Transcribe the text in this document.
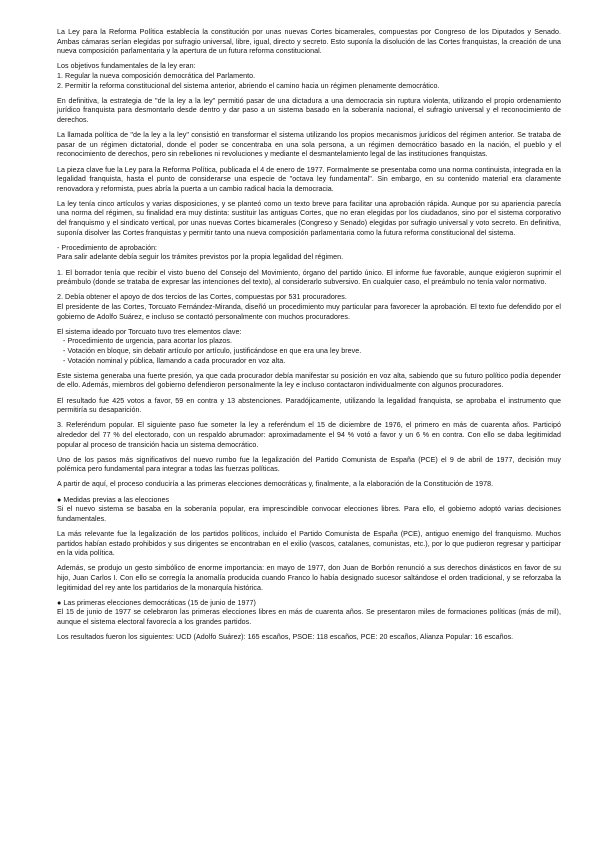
La Ley para la Reforma Política establecía la constitución por unas nuevas Cortes bicamerales, compuestas por Congreso de los Diputados y Senado. Ambas cámaras serían elegidas por sufragio universal, libre, igual, directo y secreto. Esto suponía la disolución de las Cortes franquistas, la creación de una nueva composición parlamentaria y la apertura de un futura reforma constitucional.

Los objetivos fundamentales de la ley eran:

1. Regular la nueva composición democrática del Parlamento.
2. Permitir la reforma constitucional del sistema anterior, abriendo el camino hacia un régimen plenamente democrático.

En definitiva, la estrategia de "de la ley a la ley" permitió pasar de una dictadura a una democracia sin ruptura violenta, utilizando el propio ordenamiento jurídico franquista para desmontarlo desde dentro y dar paso a un sistema basado en la soberanía nacional, el sufragio universal y el reconocimiento de derechos.

La llamada política de "de la ley a la ley" consistió en transformar el sistema utilizando los propios mecanismos jurídicos del régimen anterior. Se trataba de pasar de un régimen dictatorial, donde el poder se concentraba en una sola persona, a un régimen democrático basado en la nación, el pueblo y el reconocimiento de derechos, pero sin rebeliones ni revoluciones y mediante el desmantelamiento legal de las instituciones franquistas.

La pieza clave fue la Ley para la Reforma Política, publicada el 4 de enero de 1977. Formalmente se presentaba como una norma continuista, integrada en la legalidad franquista, hasta el punto de considerarse una especie de "octava ley fundamental". Sin embargo, en su contenido material era claramente renovadora y reformista, pues abría la puerta a un cambio radical hacia la democracia.

La ley tenía cinco artículos y varias disposiciones, y se planteó como un texto breve para facilitar una aprobación rápida. Aunque por su apariencia parecía una norma del régimen, su finalidad era muy distinta: sustituir las antiguas Cortes, que no eran elegidas por los ciudadanos, sino por el sistema corporativo del franquismo y el sindicato vertical, por unas nuevas Cortes bicamerales (Congreso y Senado) elegidas por sufragio universal y voto secreto. En definitiva, suponía disolver las Cortes franquistas y permitir tanto una nueva composición parlamentaria como la futura reforma constitucional del sistema.

- Procedimiento de aprobación:

Para salir adelante debía seguir los trámites previstos por la propia legalidad del régimen.

1. El borrador tenía que recibir el visto bueno del Consejo del Movimiento, órgano del partido único. El informe fue favorable, aunque exigieron suprimir el preámbulo (donde se trataba de expresar las intenciones del texto), al considerarlo subversivo. En cualquier caso, el preámbulo no tenía valor normativo.

2. Debía obtener el apoyo de dos tercios de las Cortes, compuestas por 531 procuradores.
El presidente de las Cortes, Torcuato Fernández-Miranda, diseñó un procedimiento muy particular para favorecer la aprobación. El texto fue defendido por el gobierno de Adolfo Suárez, e incluso se contactó personalmente con muchos procuradores.

El sistema ideado por Torcuato tuvo tres elementos clave:

- Procedimiento de urgencia, para acortar los plazos.
- Votación en bloque, sin debatir artículo por artículo, justificándose en que era una ley breve.
- Votación nominal y pública, llamando a cada procurador en voz alta.

Este sistema generaba una fuerte presión, ya que cada procurador debía manifestar su posición en voz alta, sabiendo que su futuro político podía depender de ello. Además, miembros del gobierno defendieron personalmente la ley e incluso contactaron individualmente con algunos procuradores.

El resultado fue 425 votos a favor, 59 en contra y 13 abstenciones. Paradójicamente, utilizando la legalidad franquista, se aprobaba el instrumento que permitiría su desaparición.

3. Referéndum popular. El siguiente paso fue someter la ley a referéndum el 15 de diciembre de 1976, el primero en más de cuarenta años. Participó alrededor del 77 % del electorado, con un respaldo abrumador: aproximadamente el 94 % votó a favor y un 6 % en contra. Con ello se daba legitimidad popular al proceso de transición hacia un sistema democrático.

Uno de los pasos más significativos del nuevo rumbo fue la legalización del Partido Comunista de España (PCE) el 9 de abril de 1977, decisión muy polémica pero fundamental para integrar a todas las fuerzas políticas.

A partir de aquí, el proceso conduciría a las primeras elecciones democráticas y, finalmente, a la elaboración de la Constitución de 1978.

● Medidas previas a las elecciones

Si el nuevo sistema se basaba en la soberanía popular, era imprescindible convocar elecciones libres. Para ello, el gobierno adoptó varias decisiones fundamentales.

La más relevante fue la legalización de los partidos políticos, incluido el Partido Comunista de España (PCE), antiguo enemigo del franquismo. Muchos partidos habían estado prohibidos y sus dirigentes se encontraban en el exilio (vascos, catalanes, comunistas, etc.), por lo que pudieron regresar y participar en la vida política.

Además, se produjo un gesto simbólico de enorme importancia: en mayo de 1977, don Juan de Borbón renunció a sus derechos dinásticos en favor de su hijo, Juan Carlos I. Con ello se corregía la anomalía producida cuando Franco lo había designado sucesor saltándose el orden tradicional, y se reforzaba la legitimidad del rey ante los partidarios de la monarquía histórica.

● Las primeras elecciones democráticas (15 de junio de 1977)

El 15 de junio de 1977 se celebraron las primeras elecciones libres en más de cuarenta años. Se presentaron miles de formaciones políticas (más de mil), aunque el sistema electoral favorecía a los grandes partidos.

Los resultados fueron los siguientes: UCD (Adolfo Suárez): 165 escaños, PSOE: 118 escaños, PCE: 20 escaños, Alianza Popular: 16 escaños.
